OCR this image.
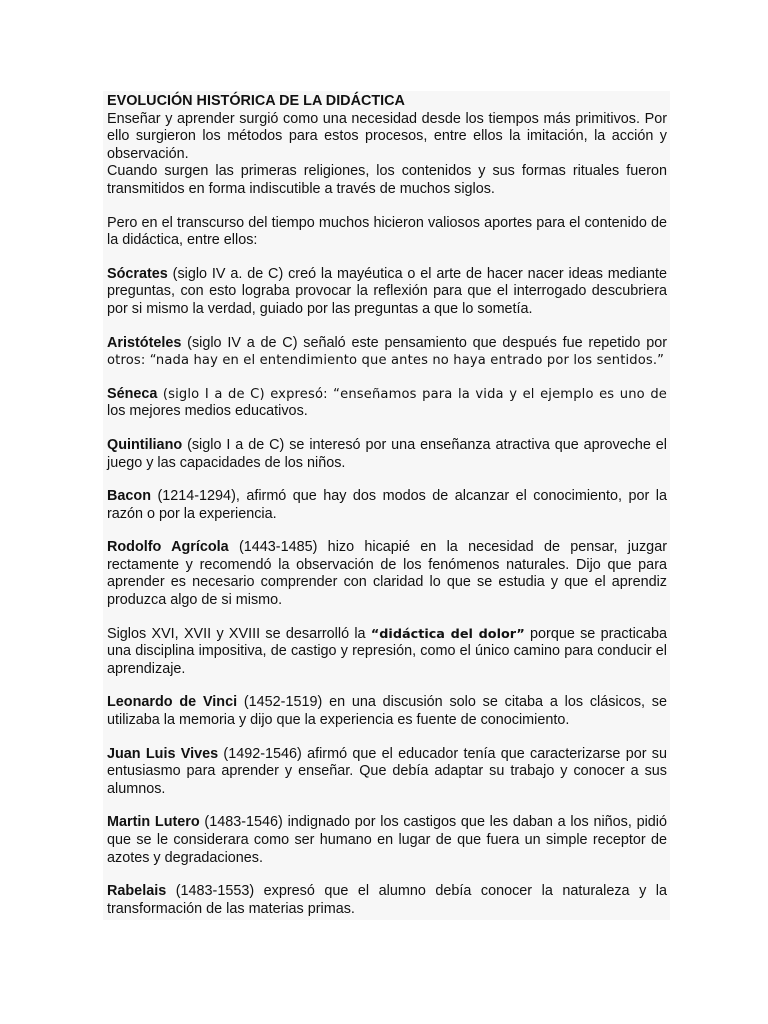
EVOLUCIÓN HISTÓRICA DE LA DIDÁCTICA

Enseñar y aprender surgió como una necesidad desde los tiempos más primitivos. Por ello surgieron los métodos para estos procesos, entre ellos la imitación, la acción y observación.

Cuando surgen las primeras religiones, los contenidos y sus formas rituales fueron transmitidos en forma indiscutible a través de muchos siglos.

Pero en el transcurso del tiempo muchos hicieron valiosos aportes para el contenido de la didáctica, entre ellos:

Sócrates (siglo IV a. de C) creó la mayéutica o el arte de hacer nacer ideas mediante preguntas, con esto lograba provocar la reflexión para que el interrogado descubriera por si mismo la verdad, guiado por las preguntas a que lo sometía.

Aristóteles (siglo IV a de C) señaló este pensamiento que después fue repetido por otros: “nada hay en el entendimiento que antes no haya entrado por los sentidos.”

Séneca (siglo I a de C) expresó: “enseñamos para la vida y el ejemplo es uno de los mejores medios educativos.

Quintiliano (siglo I a de C) se interesó por una enseñanza atractiva que aproveche el juego y las capacidades de los niños.

Bacon (1214-1294), afirmó que hay dos modos de alcanzar el conocimiento, por la razón o por la experiencia.

Rodolfo Agrícola (1443-1485) hizo hicapié en la necesidad de pensar, juzgar rectamente y recomendó la observación de los fenómenos naturales. Dijo que para aprender es necesario comprender con claridad lo que se estudia y que el aprendiz produzca algo de si mismo.

Siglos XVI, XVII y XVIII se desarrolló la “didáctica del dolor” porque se practicaba una disciplina impositiva, de castigo y represión, como el único camino para conducir el aprendizaje.

Leonardo de Vinci (1452-1519) en una discusión solo se citaba a los clásicos, se utilizaba la memoria y dijo que la experiencia es fuente de conocimiento.

Juan Luis Vives (1492-1546) afirmó que el educador tenía que caracterizarse por su entusiasmo para aprender y enseñar. Que debía adaptar su trabajo y conocer a sus alumnos.

Martin Lutero (1483-1546) indignado por los castigos que les daban a los niños, pidió que se le considerara como ser humano en lugar de que fuera un simple receptor de azotes y degradaciones.

Rabelais (1483-1553) expresó que el alumno debía conocer la naturaleza y la transformación de las materias primas.
